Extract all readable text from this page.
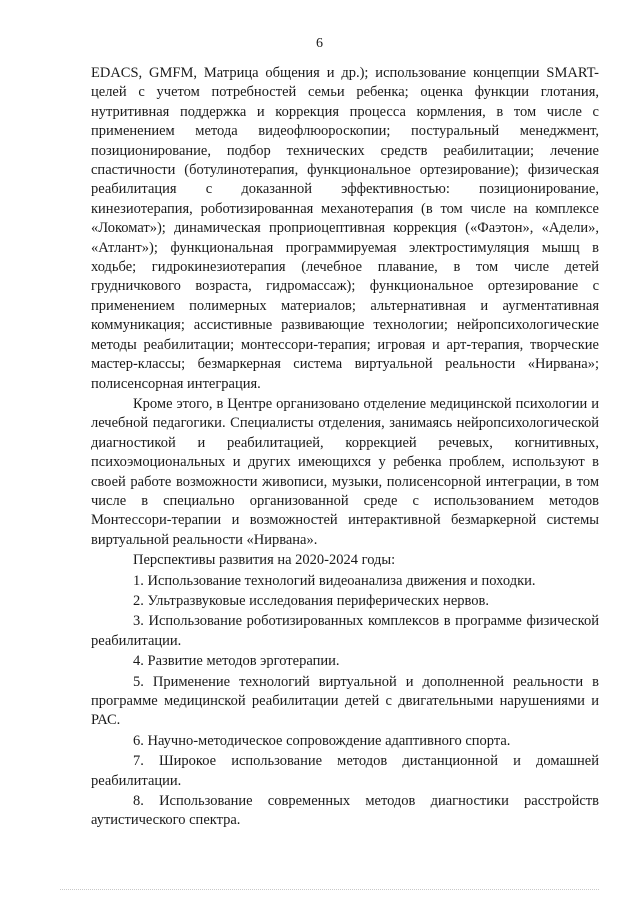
6

EDACS, GMFM, Матрица общения и др.); использование концепции SMART-целей с учетом потребностей семьи ребенка; оценка функции глотания, нутритивная поддержка и коррекция процесса кормления, в том числе с применением метода видеофлюороскопии; постуральный менеджмент, позиционирование, подбор технических средств реабилитации; лечение спастичности (ботулинотерапия, функциональное ортезирование); физическая реабилитация с доказанной эффективностью: позиционирование, кинезиотерапия, роботизированная механотерапия (в том числе на комплексе «Локомат»); динамическая проприоцептивная коррекция («Фаэтон», «Адели», «Атлант»); функциональная программируемая электростимуляция мышц в ходьбе; гидрокинезиотерапия (лечебное плавание, в том числе детей грудничкового возраста, гидромассаж); функциональное ортезирование с применением полимерных материалов; альтернативная и аугментативная коммуникация; ассистивные развивающие технологии; нейропсихологические методы реабилитации; монтессори-терапия; игровая и арт-терапия, творческие мастер-классы; безмаркерная система виртуальной реальности «Нирвана»; полисенсорная интеграция.

Кроме этого, в Центре организовано отделение медицинской психологии и лечебной педагогики. Специалисты отделения, занимаясь нейропсихологической диагностикой и реабилитацией, коррекцией речевых, когнитивных, психоэмоциональных и других имеющихся у ребенка проблем, используют в своей работе возможности живописи, музыки, полисенсорной интеграции, в том числе в специально организованной среде с использованием методов Монтессори-терапии и возможностей интерактивной безмаркерной системы виртуальной реальности «Нирвана».

Перспективы развития на 2020-2024 годы:

1. Использование технологий видеоанализа движения и походки.

2. Ультразвуковые исследования периферических нервов.

3. Использование роботизированных комплексов в программе физической реабилитации.

4. Развитие методов эрготерапии.

5. Применение технологий виртуальной и дополненной реальности в программе медицинской реабилитации детей с двигательными нарушениями и РАС.

6. Научно-методическое сопровождение адаптивного спорта.

7. Широкое использование методов дистанционной и домашней реабилитации.

8. Использование современных методов диагностики расстройств аутистического спектра.
